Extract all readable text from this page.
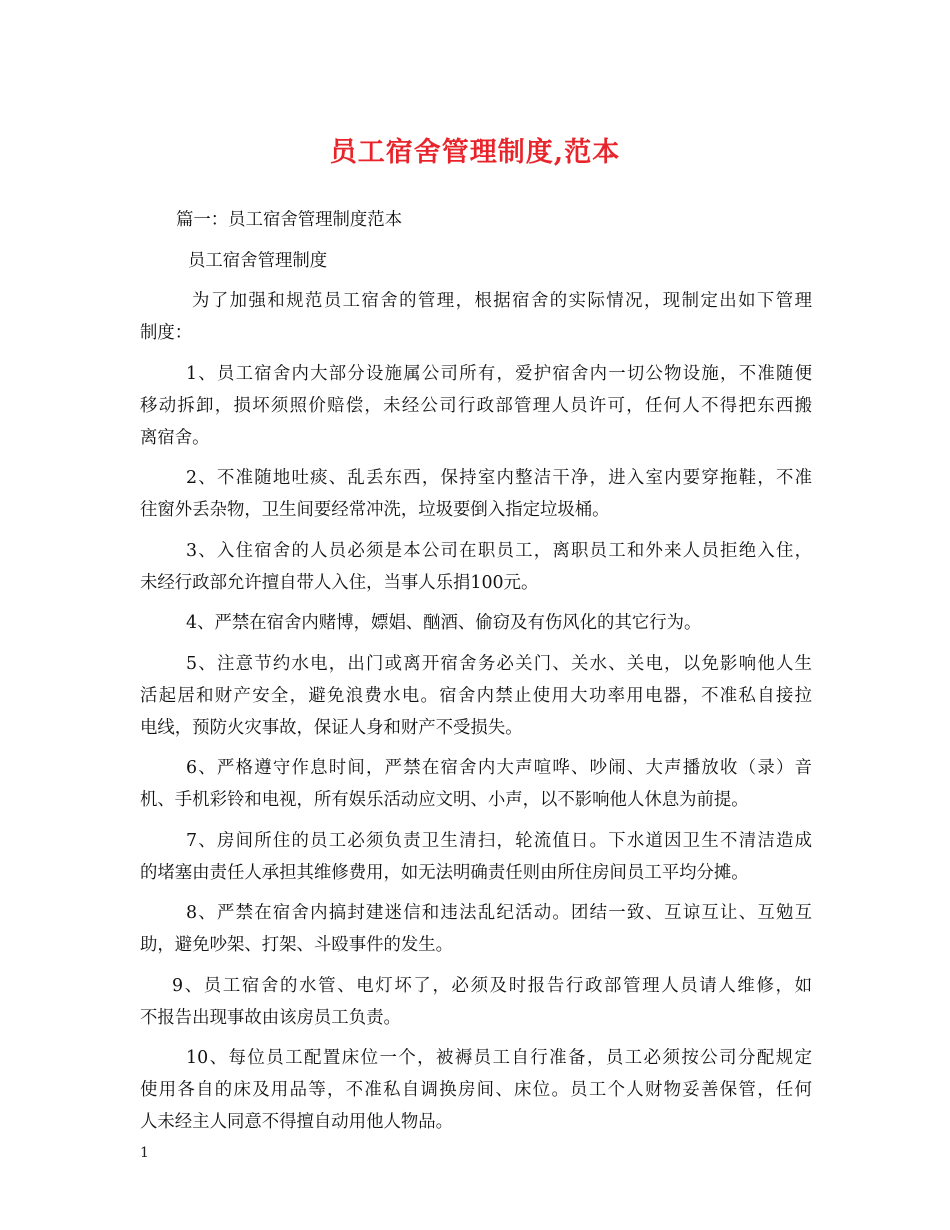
员工宿舍管理制度,范本
篇一：员工宿舍管理制度范本
员工宿舍管理制度
为了加强和规范员工宿舍的管理，根据宿舍的实际情况，现制定出如下管理
制度：
1、员工宿舍内大部分设施属公司所有，爱护宿舍内一切公物设施，不准随便
移动拆卸，损坏须照价赔偿，未经公司行政部管理人员许可，任何人不得把东西搬
离宿舍。
2、不准随地吐痰、乱丢东西，保持室内整洁干净，进入室内要穿拖鞋，不准
往窗外丢杂物，卫生间要经常冲洗，垃圾要倒入指定垃圾桶。
3、入住宿舍的人员必须是本公司在职员工，离职员工和外来人员拒绝入住，
未经行政部允许擅自带人入住，当事人乐捐100元。
4、严禁在宿舍内赌博，嫖娼、酗酒、偷窃及有伤风化的其它行为。
5、注意节约水电，出门或离开宿舍务必关门、关水、关电，以免影响他人生
活起居和财产安全，避免浪费水电。宿舍内禁止使用大功率用电器，不准私自接拉
电线，预防火灾事故，保证人身和财产不受损失。
6、严格遵守作息时间，严禁在宿舍内大声喧哗、吵闹、大声播放收（录）音
机、手机彩铃和电视，所有娱乐活动应文明、小声，以不影响他人休息为前提。
7、房间所住的员工必须负责卫生清扫，轮流值日。下水道因卫生不清洁造成
的堵塞由责任人承担其维修费用，如无法明确责任则由所住房间员工平均分摊。
8、严禁在宿舍内搞封建迷信和违法乱纪活动。团结一致、互谅互让、互勉互
助，避免吵架、打架、斗殴事件的发生。
9、员工宿舍的水管、电灯坏了，必须及时报告行政部管理人员请人维修，如
不报告出现事故由该房员工负责。
10、每位员工配置床位一个，被褥员工自行准备，员工必须按公司分配规定
使用各自的床及用品等，不准私自调换房间、床位。员工个人财物妥善保管，任何
人未经主人同意不得擅自动用他人物品。
1
